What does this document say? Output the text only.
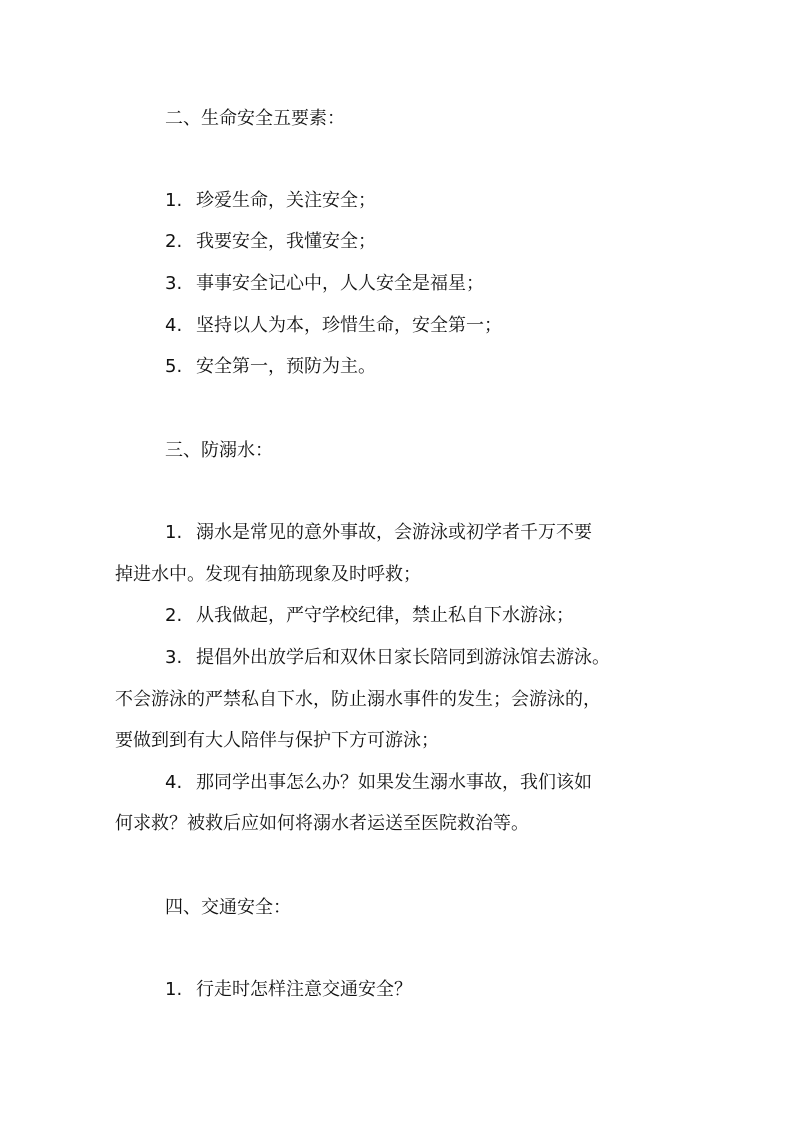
二、生命安全五要素：
1. 珍爱生命，关注安全；
2. 我要安全，我懂安全；
3. 事事安全记心中，人人安全是福星；
4. 坚持以人为本，珍惜生命，安全第一；
5. 安全第一，预防为主。
三、防溺水：
1. 溺水是常见的意外事故，会游泳或初学者千万不要
掉进水中。发现有抽筋现象及时呼救；
2. 从我做起，严守学校纪律，禁止私自下水游泳；
3. 提倡外出放学后和双休日家长陪同到游泳馆去游泳。
不会游泳的严禁私自下水，防止溺水事件的发生；会游泳的，
要做到到有大人陪伴与保护下方可游泳；
4. 那同学出事怎么办？如果发生溺水事故，我们该如
何求救？被救后应如何将溺水者运送至医院救治等。
四、交通安全：
1. 行走时怎样注意交通安全？
